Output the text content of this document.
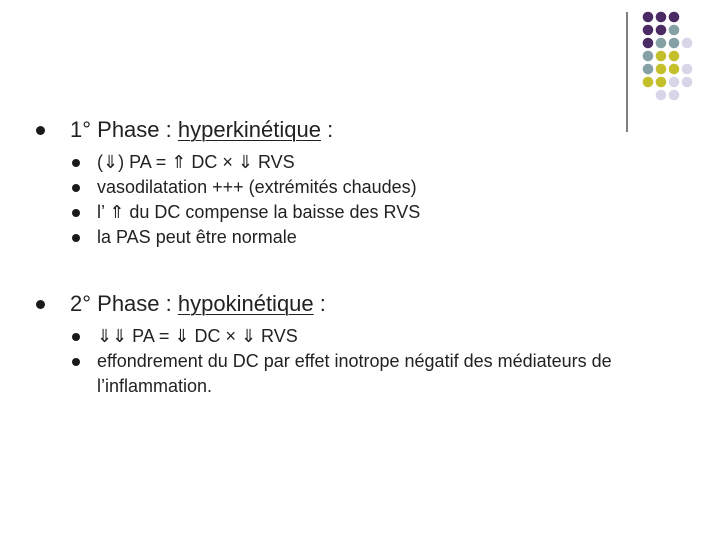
1° Phase : hyperkinétique :
(⇓) PA = ⇑ DC × ⇓ RVS
vasodilatation +++ (extrémités chaudes)
l’ ⇑ du DC compense la baisse des RVS
la PAS peut être normale
2° Phase : hypokinétique :
⇓⇓ PA = ⇓ DC × ⇓ RVS
effondrement du DC par effet inotrope négatif des médiateurs de l’inflammation.
